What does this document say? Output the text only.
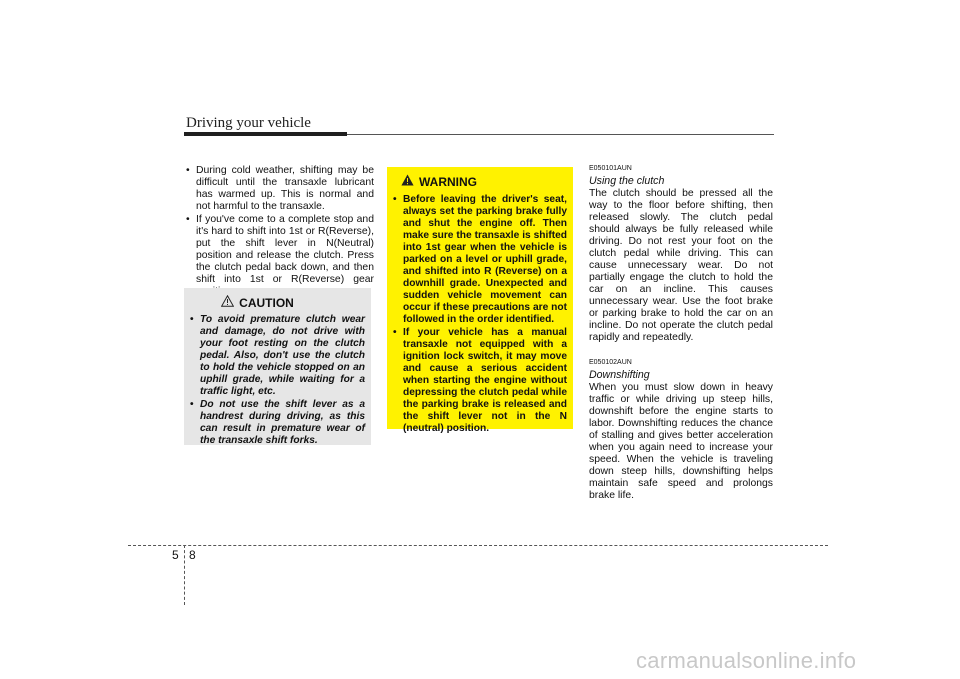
Driving your vehicle
• During cold weather, shifting may be difficult until the transaxle lubricant has warmed up. This is normal and not harmful to the transaxle.
• If you've come to a complete stop and it's hard to shift into 1st or R(Reverse), put the shift lever in N(Neutral) position and release the clutch. Press the clutch pedal back down, and then shift into 1st or R(Reverse) gear
CAUTION
• To avoid premature clutch wear and damage, do not drive with your foot resting on the clutch pedal. Also, don't use the clutch to hold the vehicle stopped on an uphill grade, while waiting for a traffic light, etc.
• Do not use the shift lever as a handrest during driving, as this can result in premature wear of the transaxle shift forks.
WARNING
• Before leaving the driver's seat, always set the parking brake fully and shut the engine off. Then make sure the transaxle is shifted into 1st gear when the vehicle is parked on a level or uphill grade, and shifted into R (Reverse) on a downhill grade. Unexpected and sudden vehicle movement can occur if these precautions are not followed in the order identified.
• If your vehicle has a manual transaxle not equipped with a ignition lock switch, it may move and cause a serious accident when starting the engine without depressing the clutch pedal while the parking brake is released and the shift lever not in the N (neutral) position.
E050101AUN
Using the clutch

The clutch should be pressed all the way to the floor before shifting, then released slowly. The clutch pedal should always be fully released while driving. Do not rest your foot on the clutch pedal while driving. This can cause unnecessary wear. Do not partially engage the clutch to hold the car on an incline. This causes unnecessary wear. Use the foot brake or parking brake to hold the car on an incline. Do not operate the clutch pedal rapidly and repeatedly.

E050102AUN
Downshifting

When you must slow down in heavy traffic or while driving up steep hills, downshift before the engine starts to labor. Downshifting reduces the chance of stalling and gives better acceleration when you again need to increase your speed. When the vehicle is traveling down steep hills, downshifting helps maintain safe speed and prolongs brake life.

5 8
carmanualsonline.info
